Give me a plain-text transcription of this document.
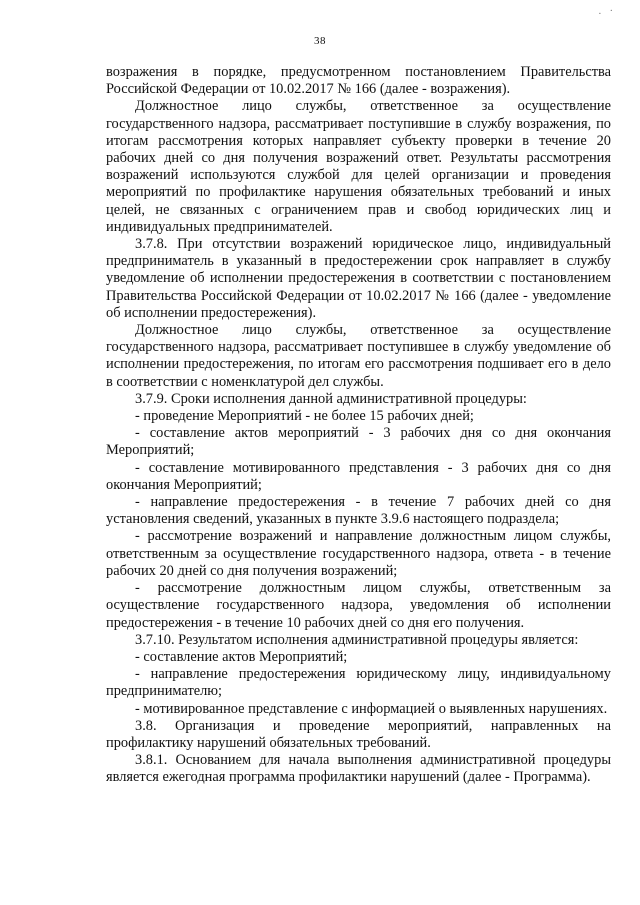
. ·
38

возражения в порядке, предусмотренном постановлением Правительства Российской Федерации от 10.02.2017 № 166 (далее - возражения).

Должностное лицо службы, ответственное за осуществление государственного надзора, рассматривает поступившие в службу возражения, по итогам рассмотрения которых направляет субъекту проверки в течение 20 рабочих дней со дня получения возражений ответ. Результаты рассмотрения возражений используются службой для целей организации и проведения мероприятий по профилактике нарушения обязательных требований и иных целей, не связанных с ограничением прав и свобод юридических лиц и индивидуальных предпринимателей.

3.7.8. При отсутствии возражений юридическое лицо, индивидуальный предприниматель в указанный в предостережении срок направляет в службу уведомление об исполнении предостережения в соответствии с постановлением Правительства Российской Федерации от 10.02.2017 № 166 (далее - уведомление об исполнении предостережения).

Должностное лицо службы, ответственное за осуществление государственного надзора, рассматривает поступившее в службу уведомление об исполнении предостережения, по итогам его рассмотрения подшивает его в дело в соответствии с номенклатурой дел службы.

3.7.9. Сроки исполнения данной административной процедуры:

- проведение Мероприятий - не более 15 рабочих дней;

- составление актов мероприятий - 3 рабочих дня со дня окончания Мероприятий;

- составление мотивированного представления - 3 рабочих дня со дня окончания Мероприятий;

- направление предостережения - в течение 7 рабочих дней со дня установления сведений, указанных в пункте 3.9.6 настоящего подраздела;

- рассмотрение возражений и направление должностным лицом службы, ответственным за осуществление государственного надзора, ответа - в течение рабочих 20 дней со дня получения возражений;

- рассмотрение должностным лицом службы, ответственным за осуществление государственного надзора, уведомления об исполнении предостережения - в течение 10 рабочих дней со дня его получения.

3.7.10. Результатом исполнения административной процедуры является:

- составление актов Мероприятий;

- направление предостережения юридическому лицу, индивидуальному предпринимателю;

- мотивированное представление с информацией о выявленных нарушениях.

3.8. Организация и проведение мероприятий, направленных на профилактику нарушений обязательных требований.

3.8.1. Основанием для начала выполнения административной процедуры является ежегодная программа профилактики нарушений (далее - Программа).
